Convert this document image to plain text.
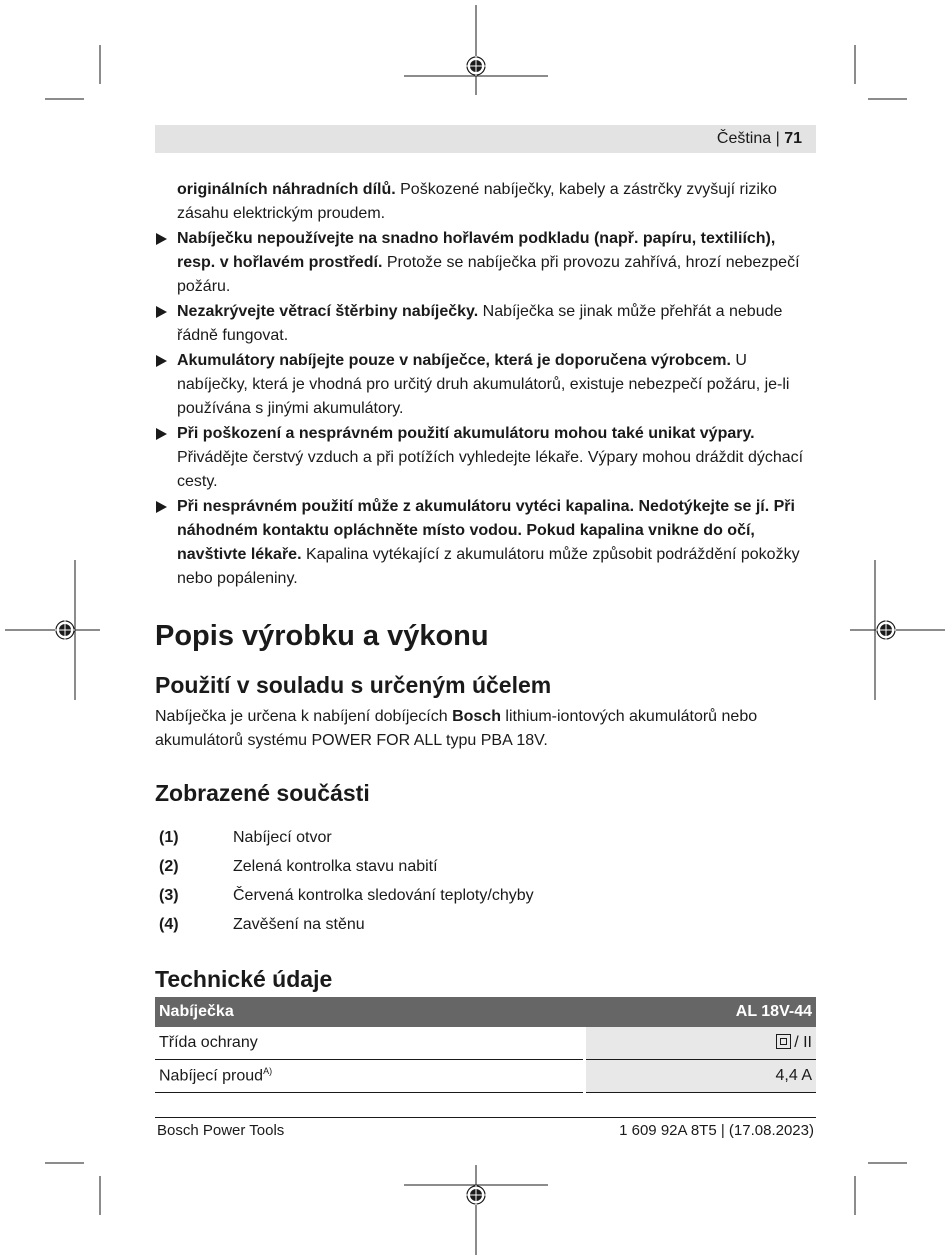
Čeština | 71

originálních náhradních dílů. Poškozené nabíječky, kabely a zástrčky zvyšují riziko zásahu elektrickým proudem.

Nabíječku nepoužívejte na snadno hořlavém podkladu (např. papíru, textiliích), resp. v hořlavém prostředí. Protože se nabíječka při provozu zahřívá, hrozí nebezpečí požáru.
Nezakrývejte větrací štěrbiny nabíječky. Nabíječka se jinak může přehřát a nebude řádně fungovat.
Akumulátory nabíjejte pouze v nabíječce, která je doporučena výrobcem. U nabíječky, která je vhodná pro určitý druh akumulátorů, existuje nebezpečí požáru, je-li používána s jinými akumulátory.
Při poškození a nesprávném použití akumulátoru mohou také unikat výpary. Přivádějte čerstvý vzduch a při potížích vyhledejte lékaře. Výpary mohou dráždit dýchací cesty.
Při nesprávném použití může z akumulátoru vytéci kapalina. Nedotýkejte se jí. Při náhodném kontaktu opláchněte místo vodou. Pokud kapalina vnikne do očí, navštivte lékaře. Kapalina vytékající z akumulátoru může způsobit podráždění pokožky nebo popáleniny.
Popis výrobku a výkonu
Použití v souladu s určeným účelem

Nabíječka je určena k nabíjení dobíjecích Bosch lithium-iontových akumulátorů nebo akumulátorů systému POWER FOR ALL typu PBA 18V.

Zobrazené součásti
(1)	Nabíjecí otvor
(2)	Zelená kontrolka stavu nabití
(3)	Červená kontrolka sledování teploty/chyby
(4)	Zavěšení na stěnu
Technické údaje
Nabíječka	AL 18V-44
Třída ochrany	/ II
Nabíjecí proud$^{A)}$	4,4 A
Bosch Power Tools	1 609 92A 8T5 | (17.08.2023)
